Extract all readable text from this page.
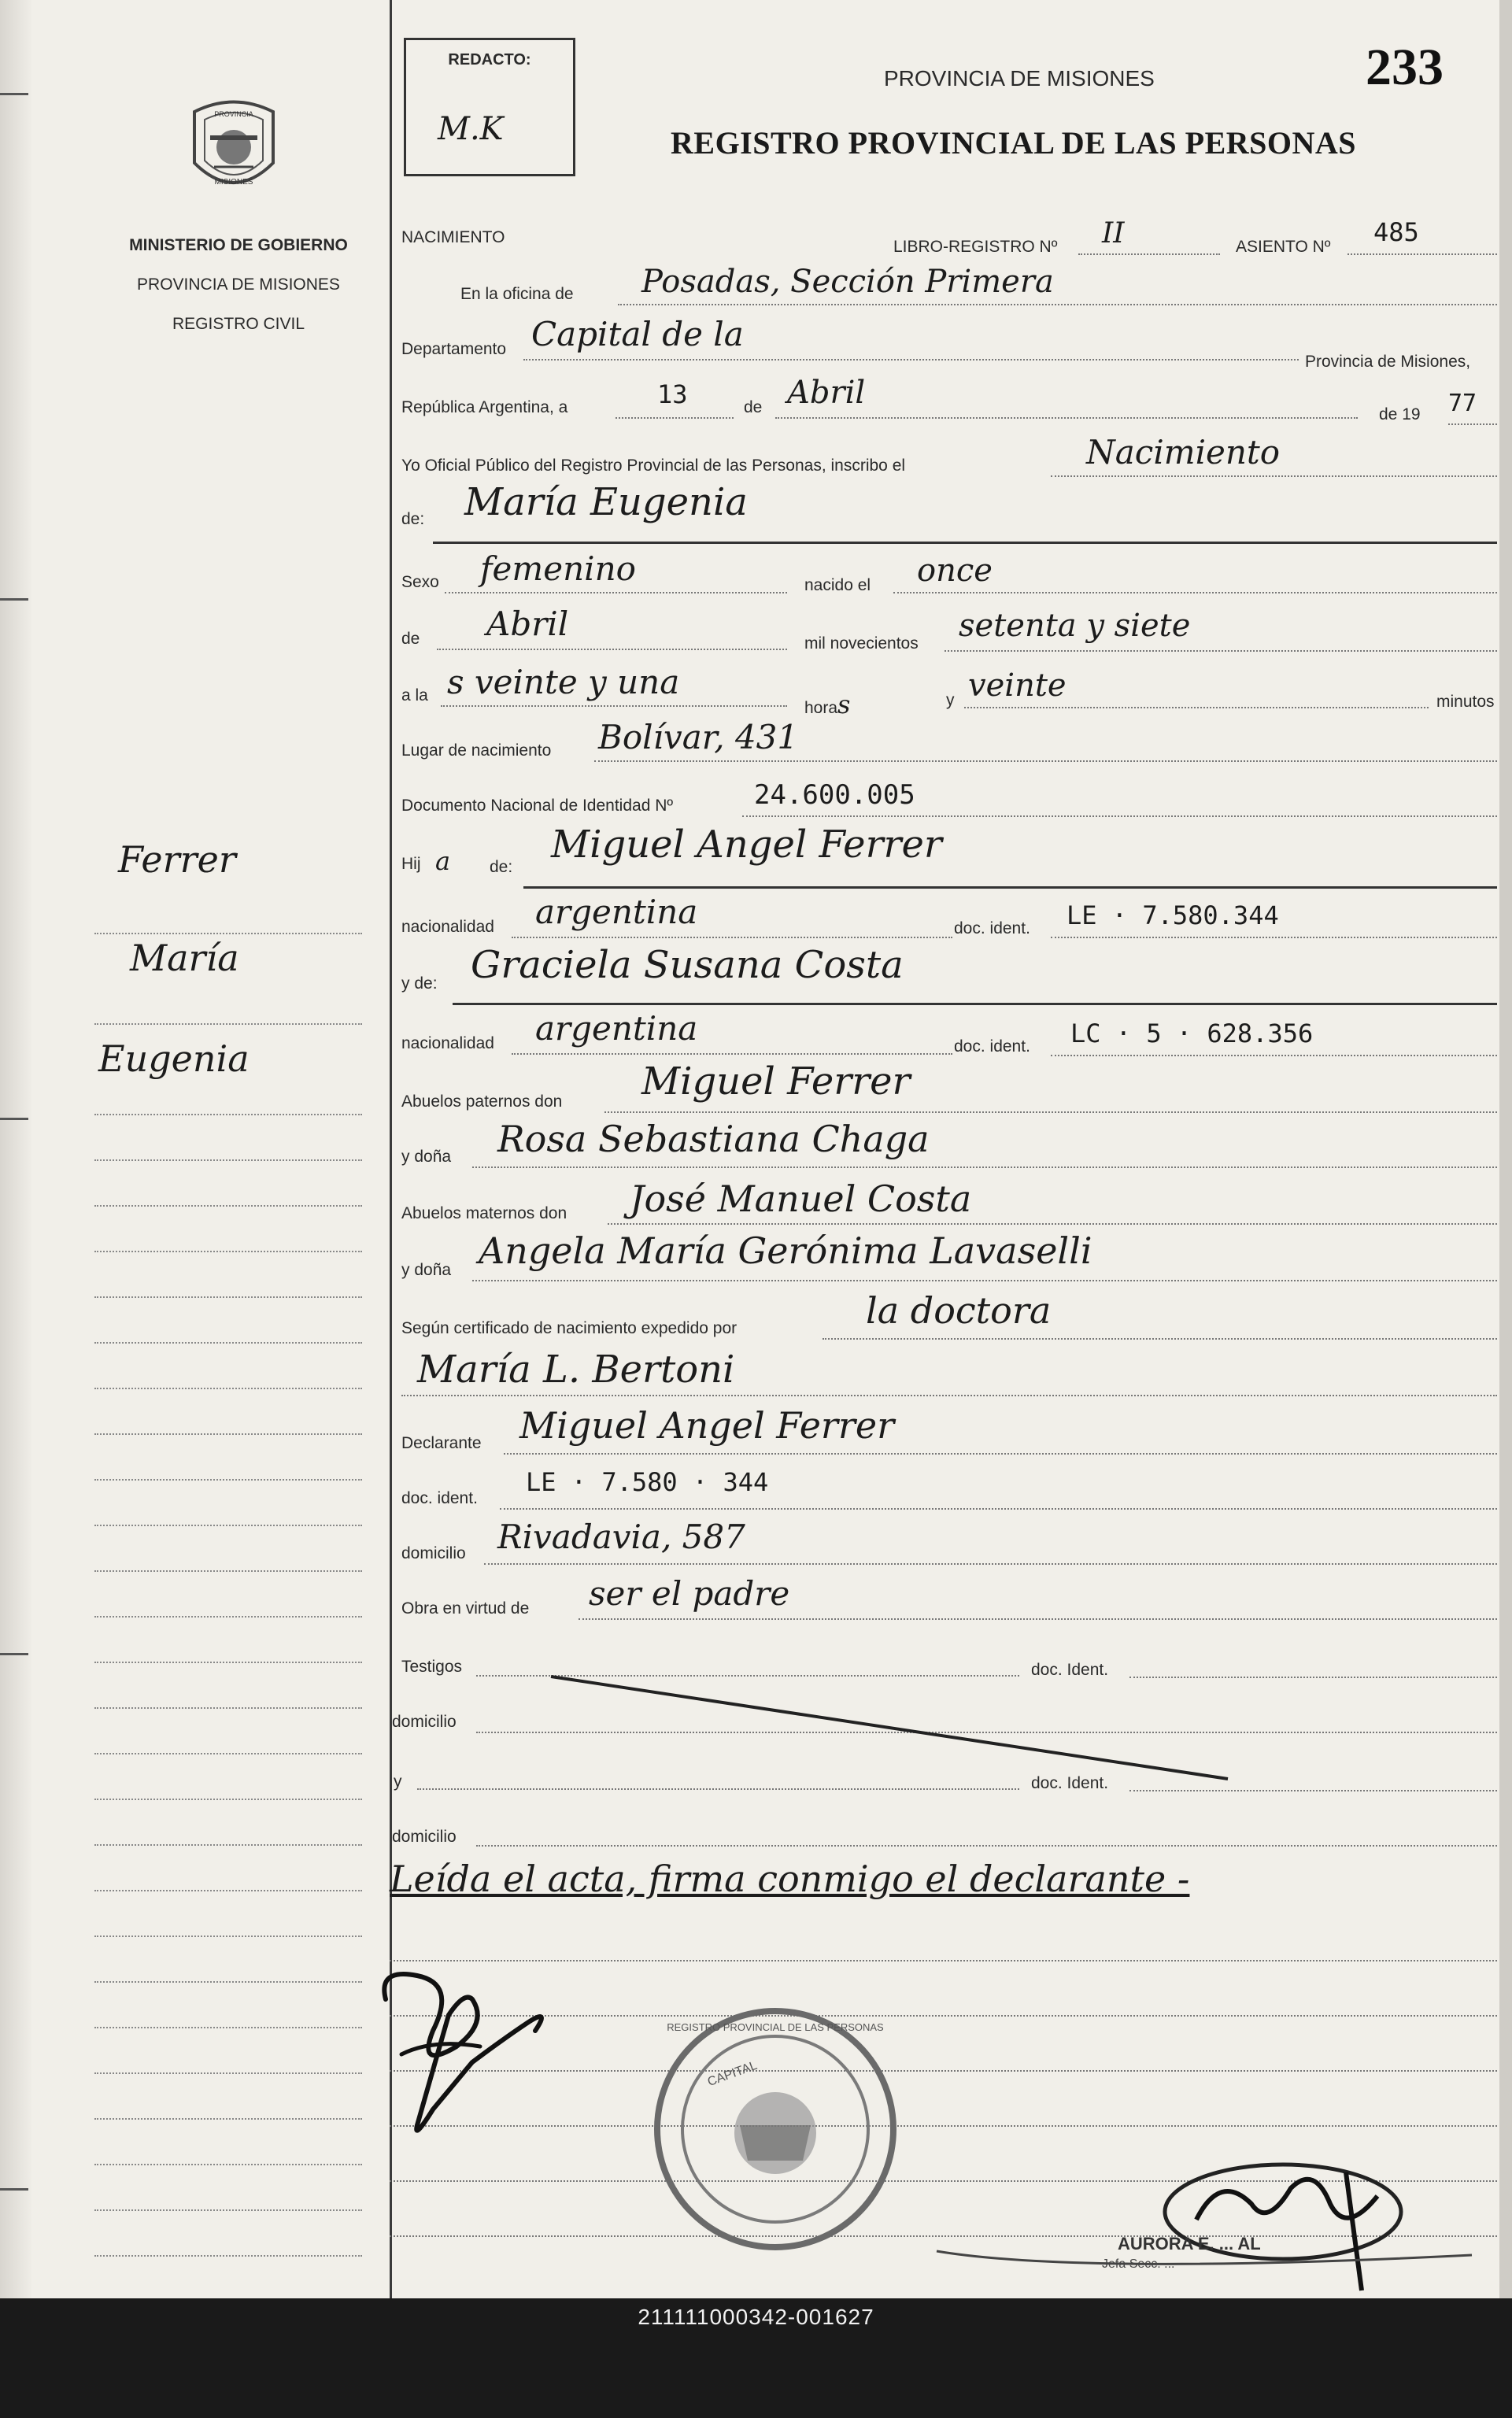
PROVINCIA
MISIONES
MINISTERIO DE GOBIERNO
PROVINCIA DE MISIONES
REGISTRO CIVIL
Ferrer
María
Eugenia
REDACTO:
M.K
PROVINCIA DE MISIONES	233
REGISTRO PROVINCIAL DE LAS PERSONAS
NACIMIENTO
LIBRO-REGISTRO Nº II	ASIENTO Nº 485
En la oficina de Posadas, Sección Primera
Departamento Capital de la
Provincia de Misiones,
República Argentina, a	13	de Abril
de 19 77
Yo Oficial Público del Registro Provincial de las Personas, inscribo el	Nacimiento
de: María Eugenia
Sexo femenino	nacido el once
de Abril
mil novecientos setenta y siete
a la s veinte y una
horas	y veinte	minutos
Lugar de nacimiento Bolívar, 431
Documento Nacional de Identidad Nº	24.600.005
Hij a de:
Miguel Angel Ferrer
nacionalidad argentina	doc. ident. LE · 7.580.344
y de: Graciela Susana Costa
nacionalidad argentina	doc. ident. LC · 5 · 628.356
Abuelos paternos don Miguel Ferrer
y doña Rosa Sebastiana Chaga
Abuelos maternos don José Manuel Costa
y doña Angela María Gerónima Lavaselli
Según certificado de nacimiento expedido por	la doctora
María L. Bertoni
Declarante Miguel Angel Ferrer
doc. ident.
LE · 7.580 · 344
domicilio Rivadavia, 587
Obra en virtud de ser el padre
Testigos	doc. Ident.
domicilio
y	doc. Ident.
domicilio
Leída el acta, firma conmigo el declarante -
CAPITAL
REGISTRO PROVINCIAL DE LAS PERSONAS
AURORA E. ... AL
Jefa Secc. ...
211111000342-001627
